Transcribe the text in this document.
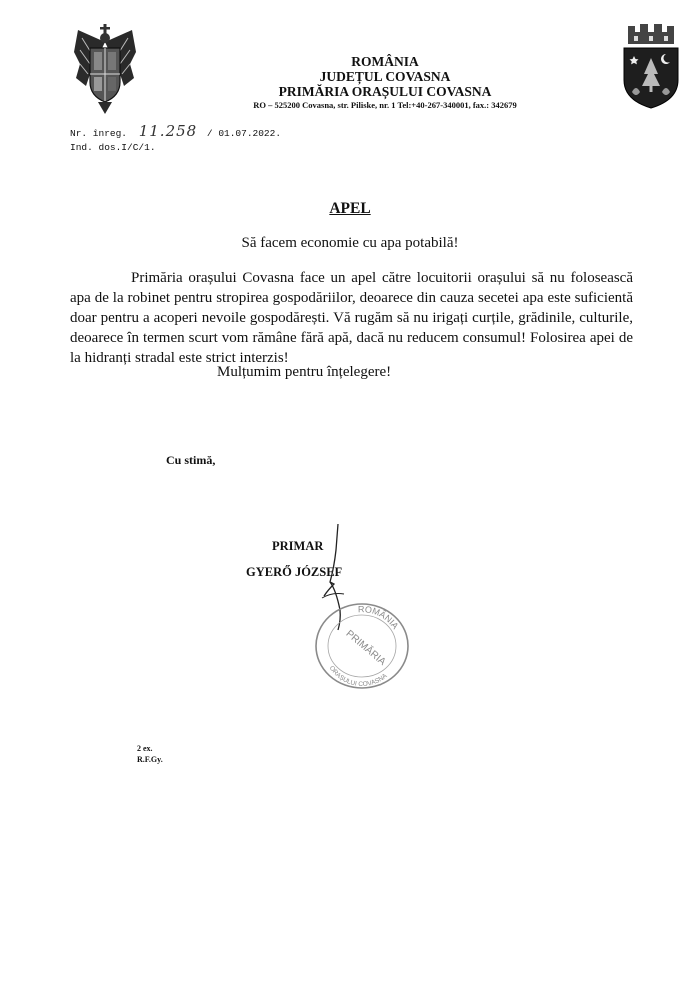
ROMÂNIA
JUDEȚUL COVASNA
PRIMĂRIA ORAȘULUI COVASNA
RO – 525200 Covasna, str. Piliske, nr. 1 Tel:+40-267-340001, fax.: 342679
Nr. înreg. 11.258 / 01.07.2022.
Ind. dos.I/C/1.
APEL
Să facem economie cu apa potabilă!
Primăria orașului Covasna face un apel către locuitorii orașului să nu folosească apa de la robinet pentru stropirea gospodăriilor, deoarece din cauza secetei apa este suficientă doar pentru a acoperi nevoile gospodărești. Vă rugăm să nu irigați curțile, grădinile, culturile, deoarece în termen scurt vom rămâne fără apă, dacă nu reducem consumul! Folosirea apei de la hidranți stradal este strict interzis!
Mulțumim pentru înțelegere!
Cu stimă,
PRIMAR
GYERŐ JÓZSEF
ROMÂNIA
PRIMĂRIA
ORAȘULUI COVASNA
2 ex.
R.F.Gy.
